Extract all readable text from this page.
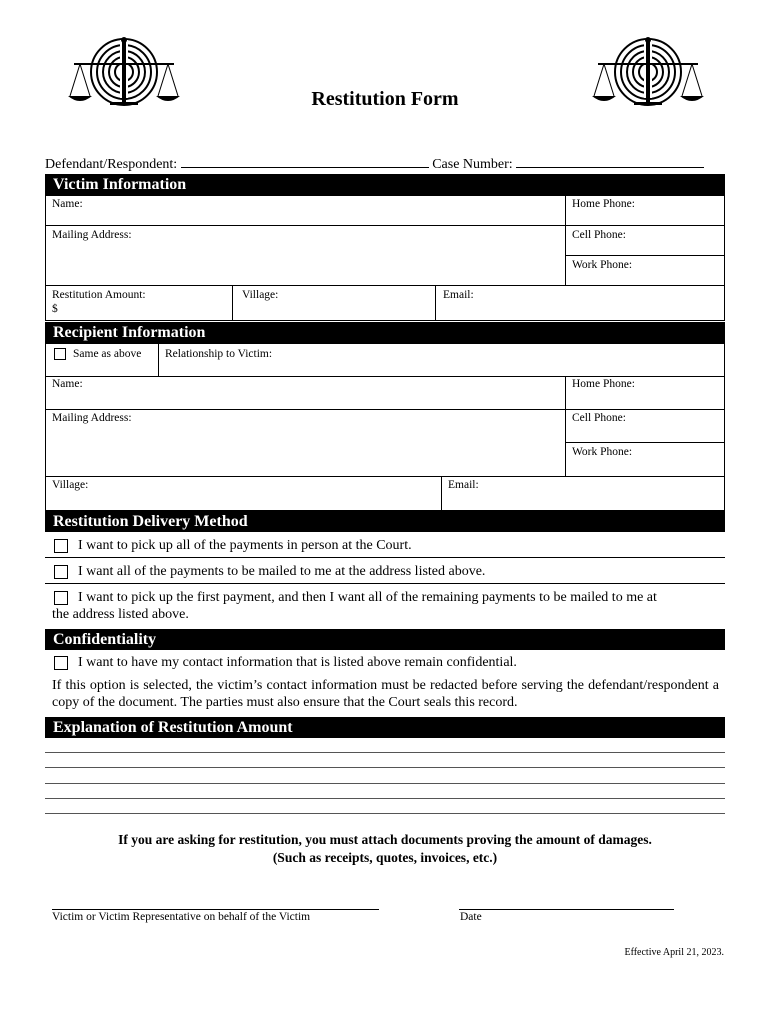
Restitution Form
Defendant/Respondent:	Case Number:
Victim Information
Name:	Home Phone:
Mailing Address:	Cell Phone:
Work Phone:
Restitution Amount:
$
Village:	Email:
Recipient Information
Same as above Relationship to Victim:
Name:	Home Phone:
Mailing Address:	Cell Phone:
Work Phone:
Village:	Email:
Restitution Delivery Method
I want to pick up all of the payments in person at the Court.
I want all of the payments to be mailed to me at the address listed above.
I want to pick up the first payment, and then I want all of the remaining payments to be mailed to me at
the address listed above.
Confidentiality
I want to have my contact information that is listed above remain confidential.
If this option is selected, the victim’s contact information must be redacted before serving the defendant/respondent a copy of the document. The parties must also ensure that the Court seals this record.
Explanation of Restitution Amount
If you are asking for restitution, you must attach documents proving the amount of damages.
(Such as receipts, quotes, invoices, etc.)
Victim or Victim Representative on behalf of the Victim	Date
Effective April 21, 2023.
